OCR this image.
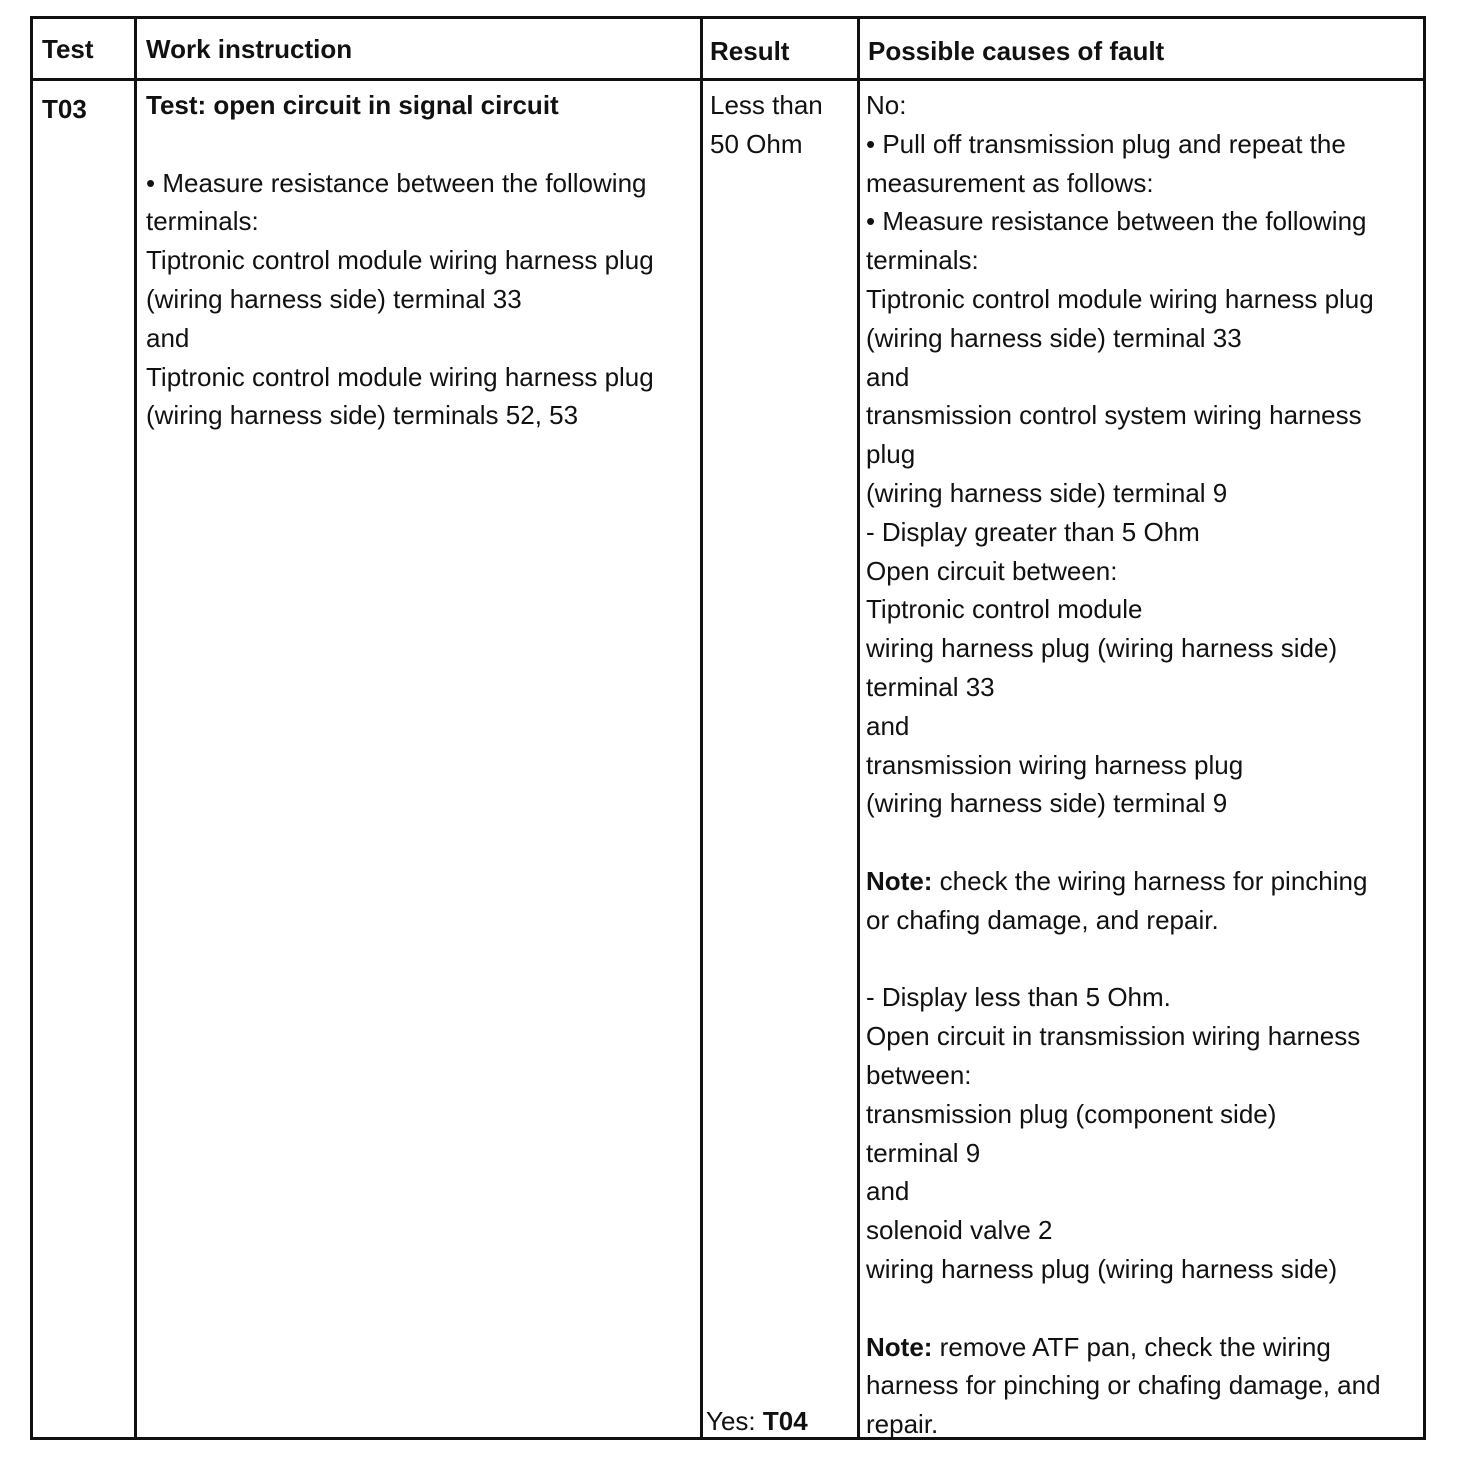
Test Work instruction	Result	Possible causes of fault
T03 Test: open circuit in signal circuit
• Measure resistance between the following
terminals:
Tiptronic control module wiring harness plug
(wiring harness side) terminal 33
and
Tiptronic control module wiring harness plug
(wiring harness side) terminals 52, 53
Less than
50 Ohm
Yes: T04
No:
• Pull off transmission plug and repeat the
measurement as follows:
• Measure resistance between the following
terminals:
Tiptronic control module wiring harness plug
(wiring harness side) terminal 33
and
transmission control system wiring harness
plug
(wiring harness side) terminal 9
- Display greater than 5 Ohm
Open circuit between:
Tiptronic control module
wiring harness plug (wiring harness side)
terminal 33
and
transmission wiring harness plug
(wiring harness side) terminal 9
Note: check the wiring harness for pinching
or chafing damage, and repair.
- Display less than 5 Ohm.
Open circuit in transmission wiring harness
between:
transmission plug (component side)
terminal 9
and
solenoid valve 2
wiring harness plug (wiring harness side)
Note: remove ATF pan, check the wiring
harness for pinching or chafing damage, and
repair.
